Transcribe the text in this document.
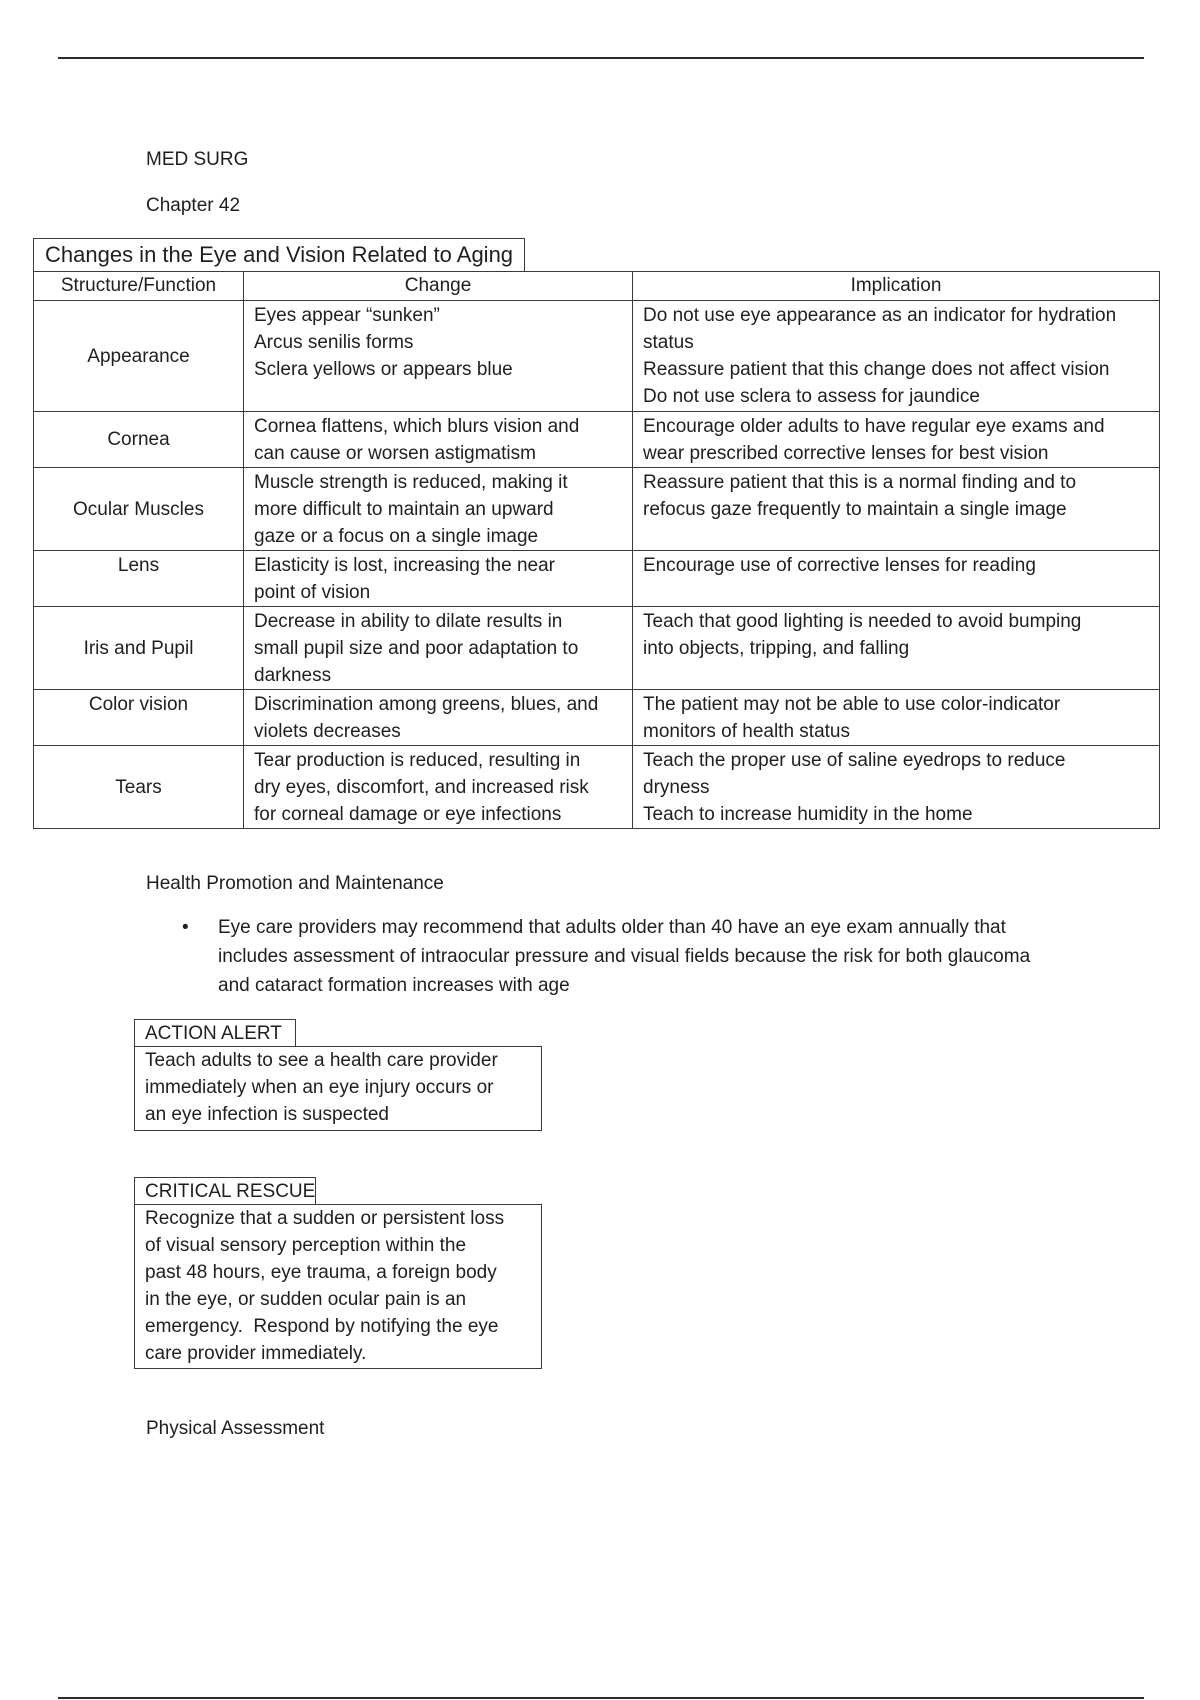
MED SURG
Chapter 42
Changes in the Eye and Vision Related to Aging
Structure/Function	Change	Implication
Appearance	Eyes appear “sunken”
Arcus senilis forms
Sclera yellows or appears blue	Do not use eye appearance as an indicator for hydration
status
Reassure patient that this change does not affect vision
Do not use sclera to assess for jaundice

Cornea	Cornea flattens, which blurs vision and
can cause or worsen astigmatism	Encourage older adults to have regular eye exams and
wear prescribed corrective lenses for best vision

Ocular Muscles	Muscle strength is reduced, making it
more difficult to maintain an upward
gaze or a focus on a single image	Reassure patient that this is a normal finding and to
refocus gaze frequently to maintain a single image

Lens	Elasticity is lost, increasing the near
point of vision	Encourage use of corrective lenses for reading

Iris and Pupil	Decrease in ability to dilate results in
small pupil size and poor adaptation to
darkness	Teach that good lighting is needed to avoid bumping
into objects, tripping, and falling

Color vision	Discrimination among greens, blues, and
violets decreases	The patient may not be able to use color-indicator
monitors of health status

Tears	Tear production is reduced, resulting in
dry eyes, discomfort, and increased risk
for corneal damage or eye infections	Teach the proper use of saline eyedrops to reduce
dryness
Teach to increase humidity in the home
Health Promotion and Maintenance
• Eye care providers may recommend that adults older than 40 have an eye exam annually that
includes assessment of intraocular pressure and visual fields because the risk for both glaucoma
and cataract formation increases with age
ACTION ALERT
Teach adults to see a health care provider
immediately when an eye injury occurs or
an eye infection is suspected
CRITICAL RESCUE
Recognize that a sudden or persistent loss
of visual sensory perception within the
past 48 hours, eye trauma, a foreign body
in the eye, or sudden ocular pain is an
emergency.  Respond by notifying the eye
care provider immediately.
Physical Assessment
